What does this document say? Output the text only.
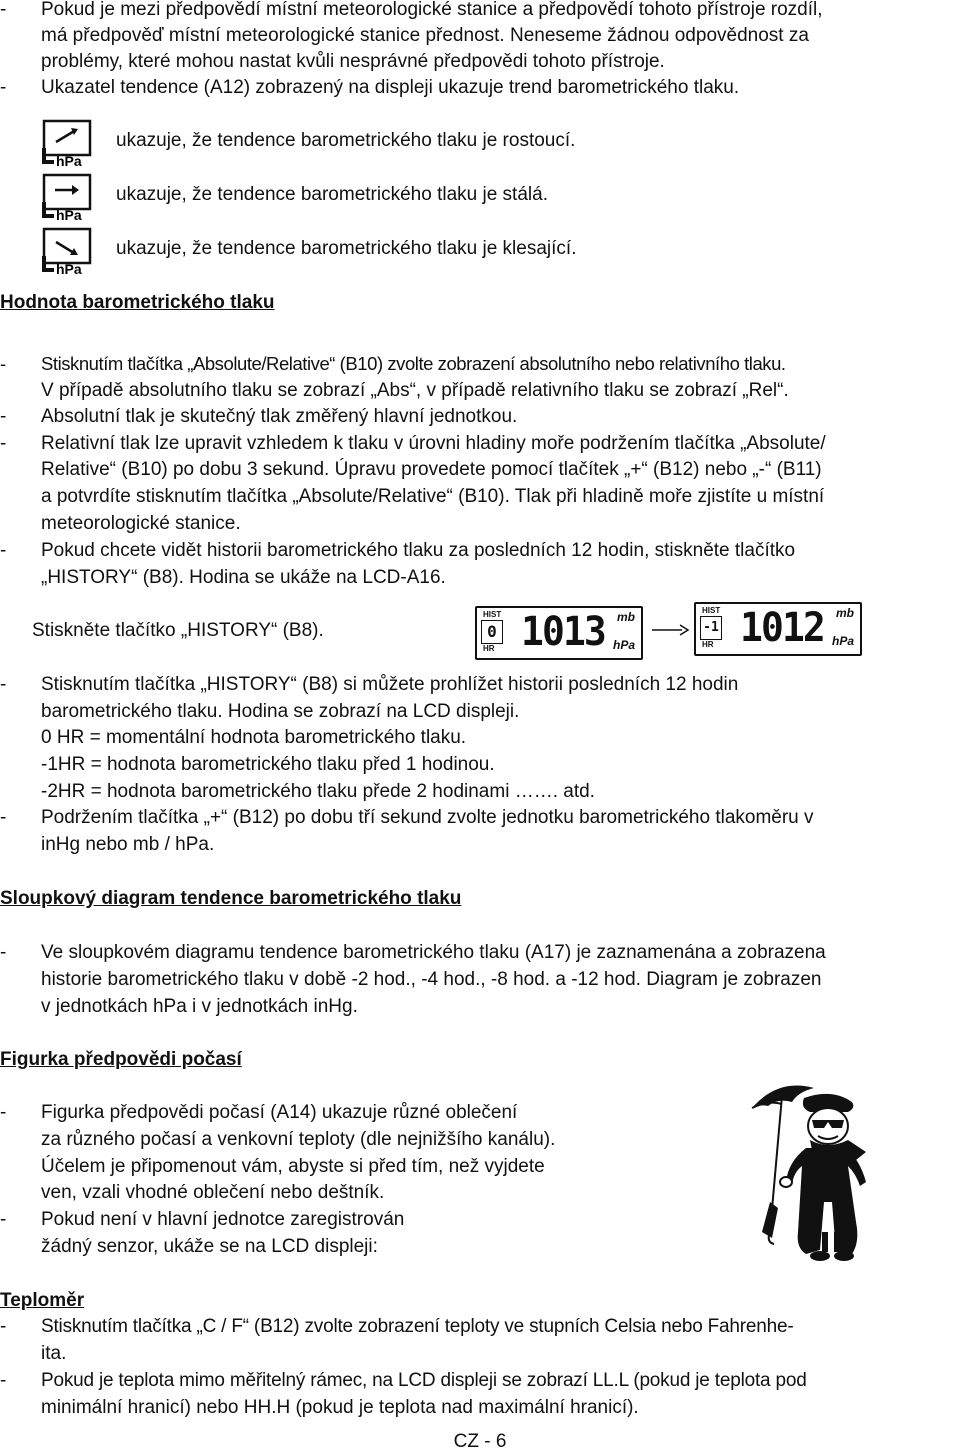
-	Pokud je mezi předpovědí místní meteorologické stanice a předpovědí tohoto přístroje rozdíl,
má předpověď místní meteorologické stanice přednost. Neneseme žádnou odpovědnost za
problémy, které mohou nastat kvůli nesprávné předpovědi tohoto přístroje.
-	Ukazatel tendence (A12) zobrazený na displeji ukazuje trend barometrického tlaku.
hPa
ukazuje, že tendence barometrického tlaku je rostoucí.
hPa
ukazuje, že tendence barometrického tlaku je stálá.
hPa
ukazuje, že tendence barometrického tlaku je klesající.
Hodnota barometrického tlaku
-	Stisknutím tlačítka „Absolute/Relative“ (B10) zvolte zobrazení absolutního nebo relativního tlaku.
V případě absolutního tlaku se zobrazí „Abs“, v případě relativního tlaku se zobrazí „Rel“.
-	Absolutní tlak je skutečný tlak změřený hlavní jednotkou.
-	Relativní tlak lze upravit vzhledem k tlaku v úrovni hladiny moře podržením tlačítka „Absolute/
Relative“ (B10) po dobu 3 sekund. Úpravu provedete pomocí tlačítek „+“ (B12) nebo „-“ (B11)
a potvrdíte stisknutím tlačítka „Absolute/Relative“ (B10). Tlak při hladině moře zjistíte u místní
meteorologické stanice.
-	Pokud chcete vidět historii barometrického tlaku za posledních 12 hodin, stiskněte tlačítko
„HISTORY“ (B8). Hodina se ukáže na LCD-A16.
Stiskněte tlačítko „HISTORY“ (B8).
HIST
0
HR 1013 mb
hPa
HIST
-1
HR 1012 mb
hPa
-	Stisknutím tlačítka „HISTORY“ (B8) si můžete prohlížet historii posledních 12 hodin
barometrického tlaku. Hodina se zobrazí na LCD displeji.
0 HR = momentální hodnota barometrického tlaku.
-1HR = hodnota barometrického tlaku před 1 hodinou.
-2HR = hodnota barometrického tlaku přede 2 hodinami ……. atd.
-	Podržením tlačítka „+“ (B12) po dobu tří sekund zvolte jednotku barometrického tlakoměru v
inHg nebo mb / hPa.
Sloupkový diagram tendence barometrického tlaku
-	Ve sloupkovém diagramu tendence barometrického tlaku (A17) je zaznamenána a zobrazena
historie barometrického tlaku v době -2 hod., -4 hod., -8 hod. a -12 hod. Diagram je zobrazen
v jednotkách hPa i v jednotkách inHg.
Figurka předpovědi počasí
-	Figurka předpovědi počasí (A14) ukazuje různé oblečení
za různého počasí a venkovní teploty (dle nejnižšího kanálu).
Účelem je připomenout vám, abyste si před tím, než vyjdete
ven, vzali vhodné oblečení nebo deštník.
-	Pokud není v hlavní jednotce zaregistrován
žádný senzor, ukáže se na LCD displeji:
Teploměr
-	Stisknutím tlačítka „C / F“ (B12) zvolte zobrazení teploty ve stupních Celsia nebo Fahrenhe-
ita.
-	Pokud je teplota mimo měřitelný rámec, na LCD displeji se zobrazí LL.L (pokud je teplota pod
minimální hranicí) nebo HH.H (pokud je teplota nad maximální hranicí).
CZ - 6
